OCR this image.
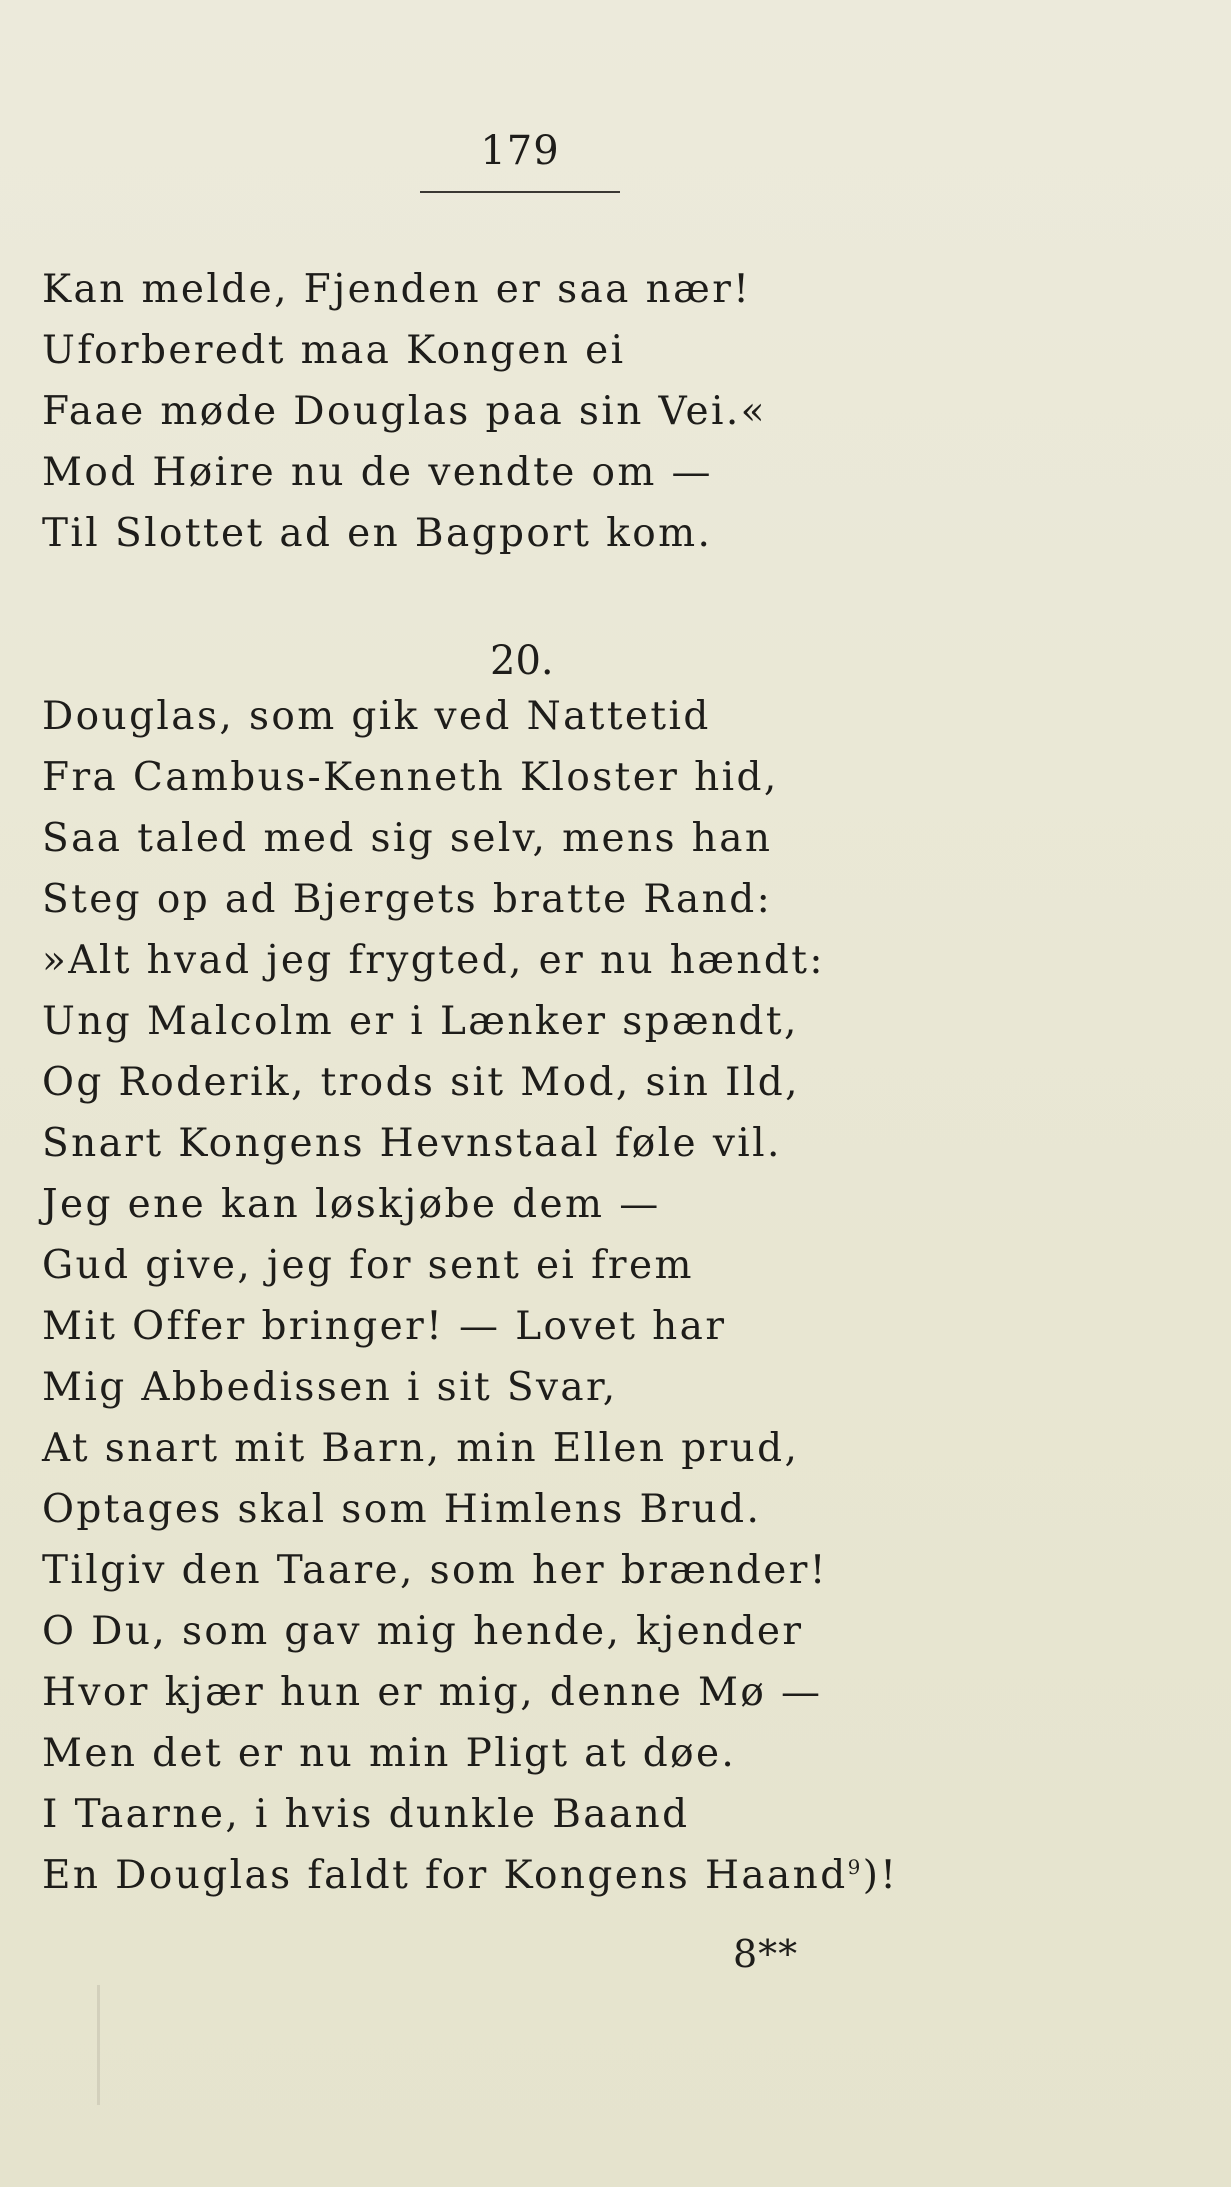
179
Kan melde, Fjenden er saa nær!
Uforberedt maa Kongen ei
Faae møde Douglas paa sin Vei.«
Mod Høire nu de vendte om —
Til Slottet ad en Bagport kom.
20.
Douglas, som gik ved Nattetid
Fra Cambus-Kenneth Kloster hid,
Saa taled med sig selv, mens han
Steg op ad Bjergets bratte Rand:
»Alt hvad jeg frygted, er nu hændt:
Ung Malcolm er i Lænker spændt,
Og Roderik, trods sit Mod, sin Ild,
Snart Kongens Hevnstaal føle vil.
Jeg ene kan løskjøbe dem —
Gud give, jeg for sent ei frem
Mit Offer bringer! — Lovet har
Mig Abbedissen i sit Svar,
At snart mit Barn, min Ellen prud,
Optages skal som Himlens Brud.
Tilgiv den Taare, som her brænder!
O Du, som gav mig hende, kjender
Hvor kjær hun er mig, denne Mø —
Men det er nu min Pligt at døe.
I Taarne, i hvis dunkle Baand
En Douglas faldt for Kongens Haand$^9$)!
8**
